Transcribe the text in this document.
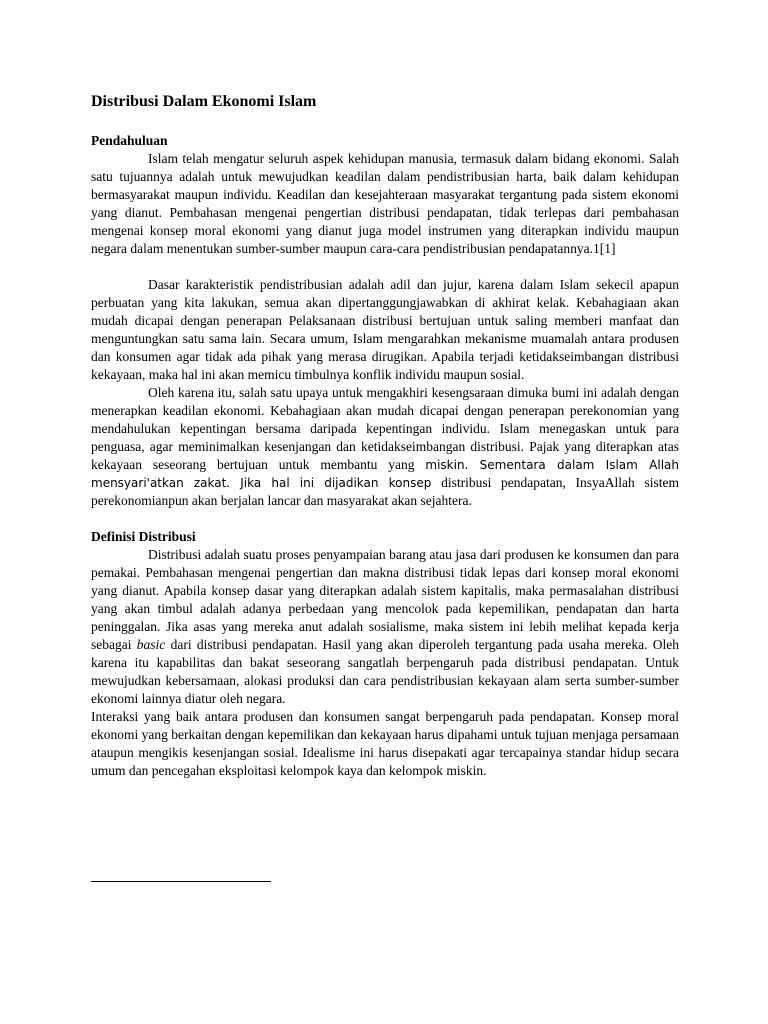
Distribusi Dalam Ekonomi Islam
Pendahuluan

Islam telah mengatur seluruh aspek kehidupan manusia, termasuk dalam bidang ekonomi. Salah satu tujuannya adalah untuk mewujudkan keadilan dalam pendistribusian harta, baik dalam kehidupan bermasyarakat maupun individu. Keadilan dan kesejahteraan masyarakat tergantung pada sistem ekonomi yang dianut. Pembahasan mengenai pengertian distribusi pendapatan, tidak terlepas dari pembahasan mengenai konsep moral ekonomi yang dianut juga model instrumen yang diterapkan individu maupun negara dalam menentukan sumber-sumber maupun cara-cara pendistribusian pendapatannya.1[1]

Dasar karakteristik pendistribusian adalah adil dan jujur, karena dalam Islam sekecil apapun perbuatan yang kita lakukan, semua akan dipertanggungjawabkan di akhirat kelak. Kebahagiaan akan mudah dicapai dengan penerapan Pelaksanaan distribusi bertujuan untuk saling memberi manfaat dan menguntungkan satu sama lain. Secara umum, Islam mengarahkan mekanisme muamalah antara produsen dan konsumen agar tidak ada pihak yang merasa dirugikan. Apabila terjadi ketidakseimbangan distribusi kekayaan, maka hal ini akan memicu timbulnya konflik individu maupun sosial.

Oleh karena itu, salah satu upaya untuk mengakhiri kesengsaraan dimuka bumi ini adalah dengan menerapkan keadilan ekonomi. Kebahagiaan akan mudah dicapai dengan penerapan perekonomian yang mendahulukan kepentingan bersama daripada kepentingan individu. Islam menegaskan untuk para penguasa, agar meminimalkan kesenjangan dan ketidakseimbangan distribusi. Pajak yang diterapkan atas kekayaan seseorang bertujuan untuk membantu yang miskin. Sementara dalam Islam Allah mensyari'atkan zakat. Jika hal ini dijadikan konsep distribusi pendapatan, InsyaAllah sistem perekonomianpun akan berjalan lancar dan masyarakat akan sejahtera.

Definisi Distribusi

Distribusi adalah suatu proses penyampaian barang atau jasa dari produsen ke konsumen dan para pemakai. Pembahasan mengenai pengertian dan makna distribusi tidak lepas dari konsep moral ekonomi yang dianut. Apabila konsep dasar yang diterapkan adalah sistem kapitalis, maka permasalahan distribusi yang akan timbul adalah adanya perbedaan yang mencolok pada kepemilikan, pendapatan dan harta peninggalan. Jika asas yang mereka anut adalah sosialisme, maka sistem ini lebih melihat kepada kerja sebagai basic dari distribusi pendapatan. Hasil yang akan diperoleh tergantung pada usaha mereka. Oleh karena itu kapabilitas dan bakat seseorang sangatlah berpengaruh pada distribusi pendapatan. Untuk mewujudkan kebersamaan, alokasi produksi dan cara pendistribusian kekayaan alam serta sumber-sumber ekonomi lainnya diatur oleh negara.

Interaksi yang baik antara produsen dan konsumen sangat berpengaruh pada pendapatan. Konsep moral ekonomi yang berkaitan dengan kepemilikan dan kekayaan harus dipahami untuk tujuan menjaga persamaan ataupun mengikis kesenjangan sosial. Idealisme ini harus disepakati agar tercapainya standar hidup secara umum dan pencegahan eksploitasi kelompok kaya dan kelompok miskin.
